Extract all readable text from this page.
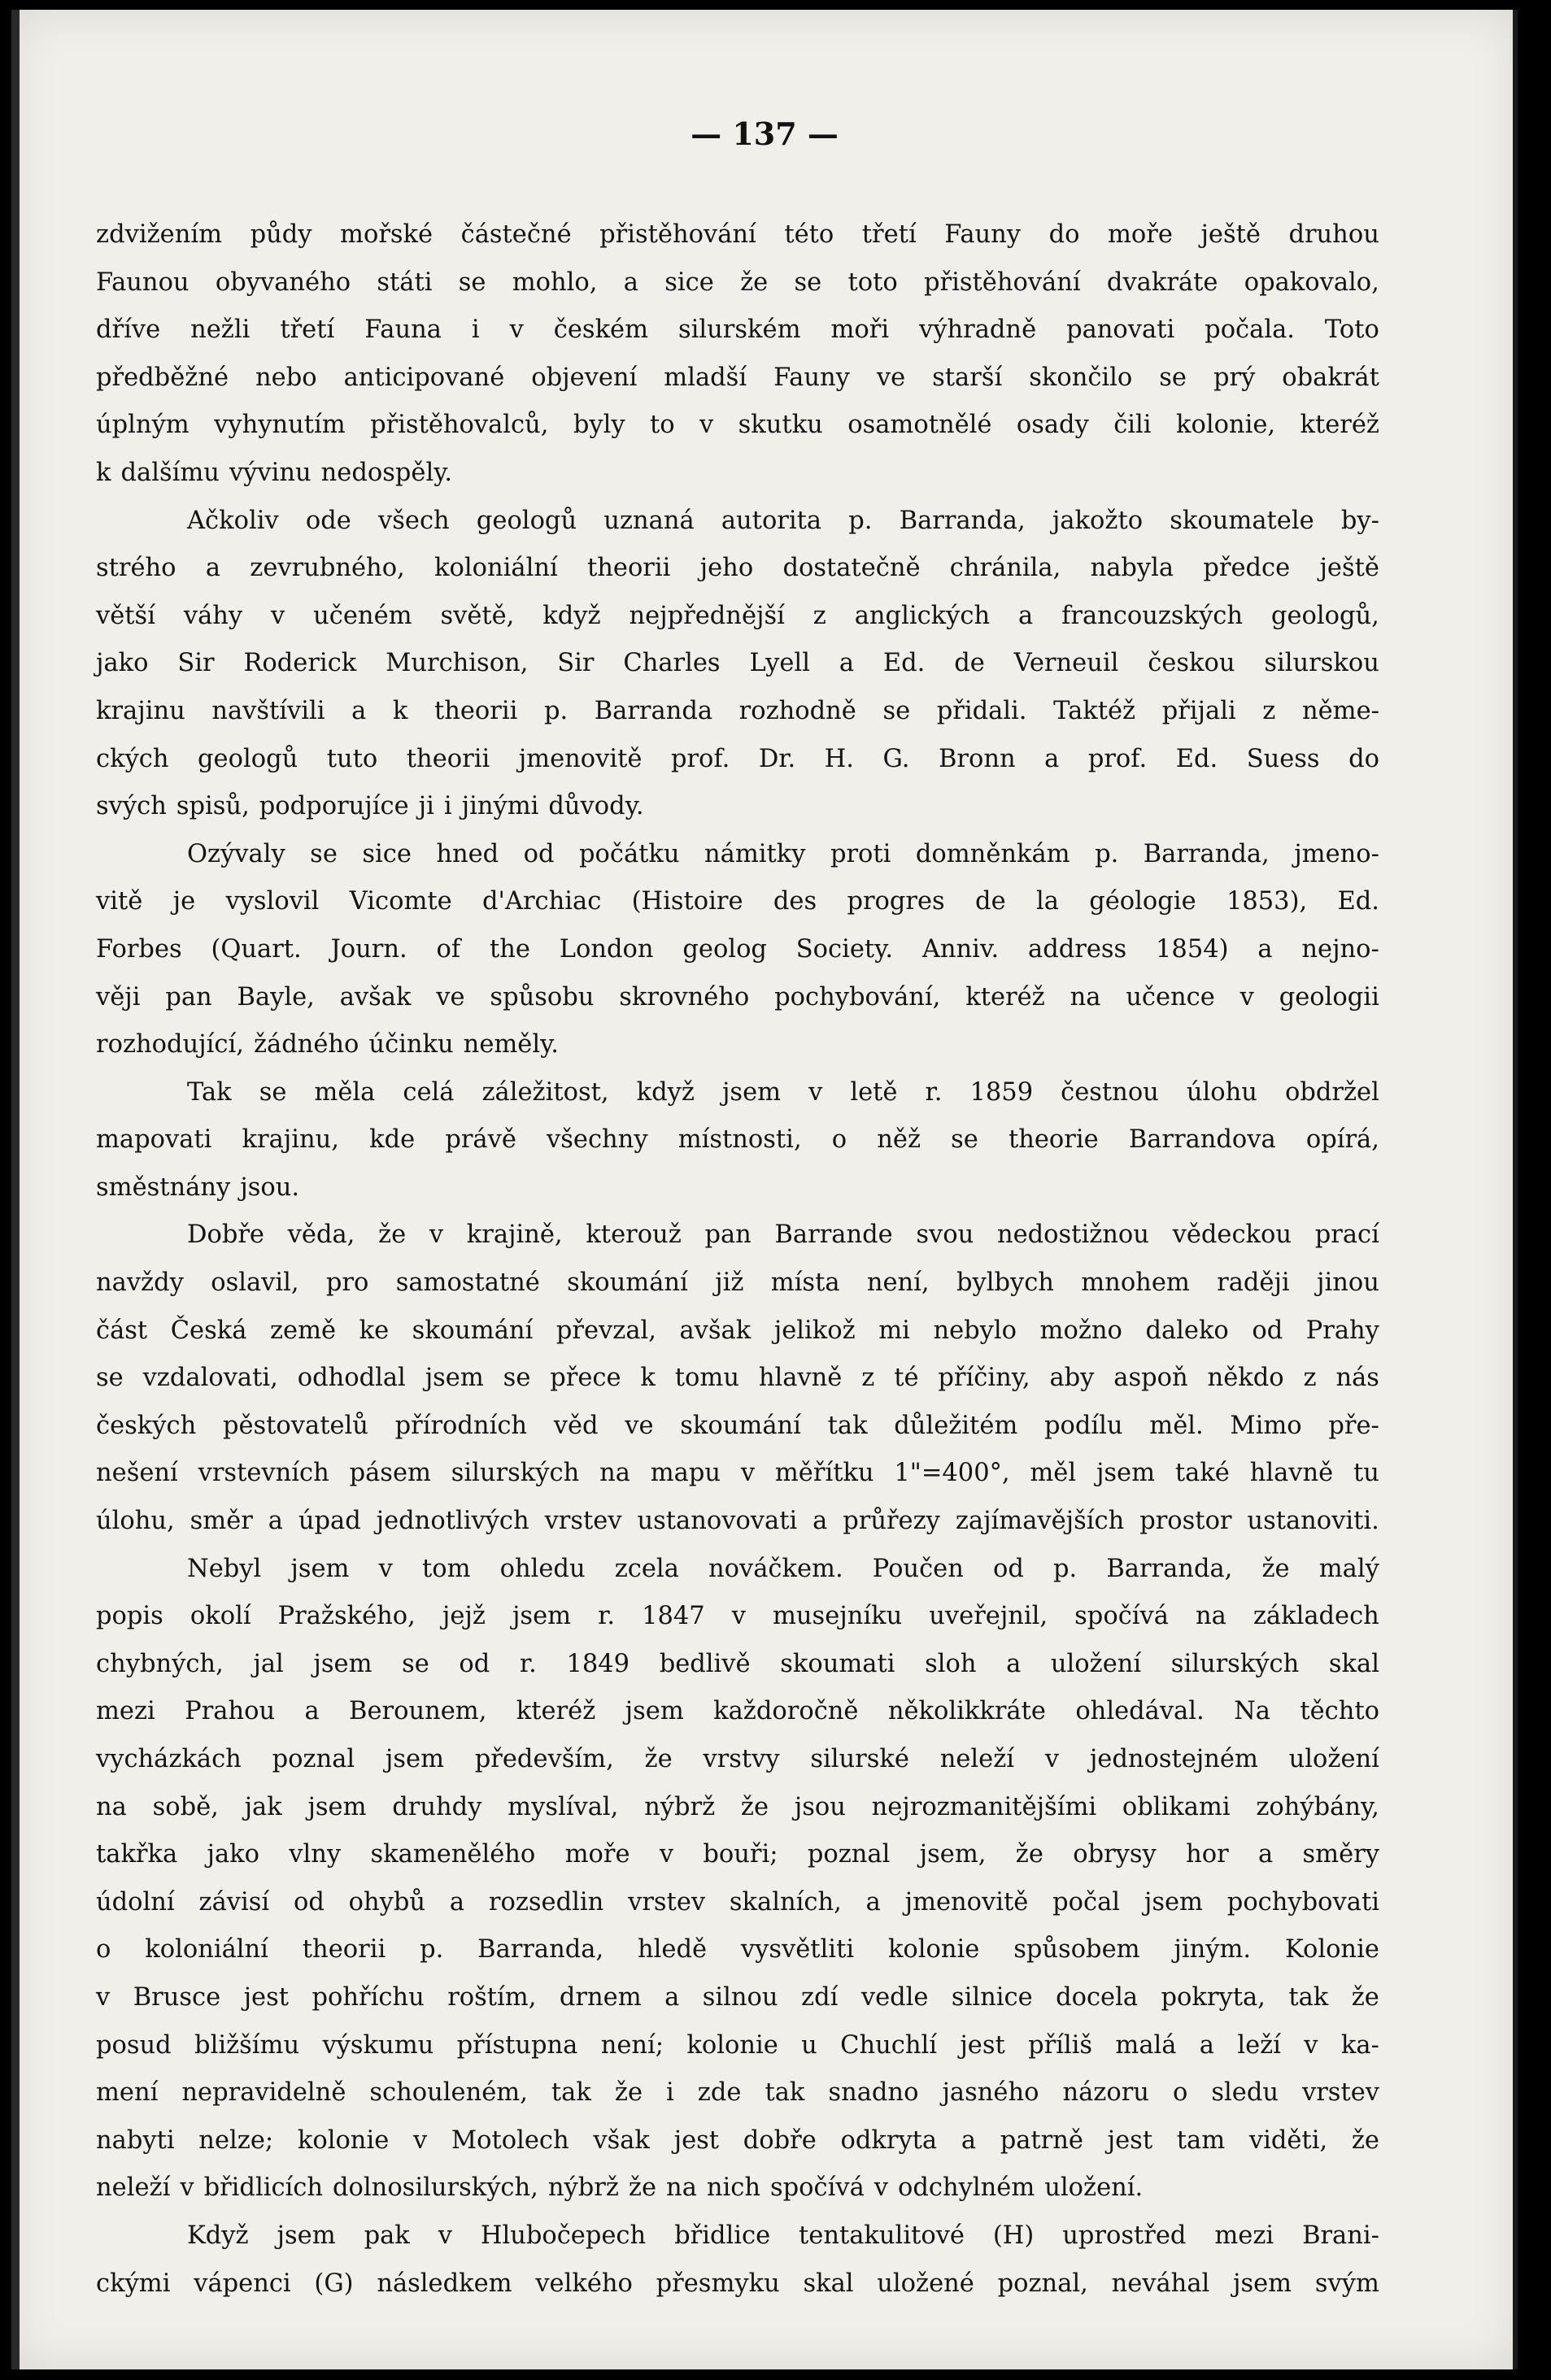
— 137 —
zdvižením půdy mořské částečné přistěhování této třetí Fauny do moře ještě druhou
Faunou obyvaného státi se mohlo, a sice že se toto přistěhování dvakráte opakovalo,
dříve nežli třetí Fauna i v českém silurském moři výhradně panovati počala. Toto
předběžné nebo anticipované objevení mladší Fauny ve starší skončilo se prý obakrát
úplným vyhynutím přistěhovalců, byly to v skutku osamotnělé osady čili kolonie, kteréž
k dalšímu vývinu nedospěly.
Ačkoliv ode všech geologů uznaná autorita p. Barranda, jakožto skoumatele by-
strého a zevrubného, koloniální theorii jeho dostatečně chránila, nabyla předce ještě
větší váhy v učeném světě, když nejpřednější z anglických a francouzských geologů,
jako Sir Roderick Murchison, Sir Charles Lyell a Ed. de Verneuil českou silurskou
krajinu navštívili a k theorii p. Barranda rozhodně se přidali. Taktéž přijali z něme-
ckých geologů tuto theorii jmenovitě prof. Dr. H. G. Bronn a prof. Ed. Suess do
svých spisů, podporujíce ji i jinými důvody.
Ozývaly se sice hned od počátku námitky proti domněnkám p. Barranda, jmeno-
vitě je vyslovil Vicomte d'Archiac (Histoire des progres de la géologie 1853), Ed.
Forbes (Quart. Journ. of the London geolog Society. Anniv. address 1854) a nejno-
věji pan Bayle, avšak ve spůsobu skrovného pochybování, kteréž na učence v geologii
rozhodující, žádného účinku neměly.
Tak se měla celá záležitost, když jsem v letě r. 1859 čestnou úlohu obdržel
mapovati krajinu, kde právě všechny místnosti, o něž se theorie Barrandova opírá,
směstnány jsou.
Dobře věda, že v krajině, kterouž pan Barrande svou nedostižnou vědeckou prací
navždy oslavil, pro samostatné skoumání již místa není, bylbych mnohem raději jinou
část Česká země ke skoumání převzal, avšak jelikož mi nebylo možno daleko od Prahy
se vzdalovati, odhodlal jsem se přece k tomu hlavně z té příčiny, aby aspoň někdo z nás
českých pěstovatelů přírodních věd ve skoumání tak důležitém podílu měl. Mimo pře-
nešení vrstevních pásem silurských na mapu v měřítku 1"=400°, měl jsem také hlavně tu
úlohu, směr a úpad jednotlivých vrstev ustanovovati a průřezy zajímavějších prostor ustanoviti.
Nebyl jsem v tom ohledu zcela nováčkem. Poučen od p. Barranda, že malý
popis okolí Pražského, jejž jsem r. 1847 v musejníku uveřejnil, spočívá na základech
chybných, jal jsem se od r. 1849 bedlivě skoumati sloh a uložení silurských skal
mezi Prahou a Berounem, kteréž jsem každoročně několikkráte ohledával. Na těchto
vycházkách poznal jsem především, že vrstvy silurské neleží v jednostejném uložení
na sobě, jak jsem druhdy myslíval, nýbrž že jsou nejrozmanitějšími oblikami zohýbány,
takřka jako vlny skamenělého moře v bouři; poznal jsem, že obrysy hor a směry
údolní závisí od ohybů a rozsedlin vrstev skalních, a jmenovitě počal jsem pochybovati
o koloniální theorii p. Barranda, hledě vysvětliti kolonie spůsobem jiným. Kolonie
v Brusce jest pohříchu roštím, drnem a silnou zdí vedle silnice docela pokryta, tak že
posud bližšímu výskumu přístupna není; kolonie u Chuchlí jest příliš malá a leží v ka-
mení nepravidelně schouleném, tak že i zde tak snadno jasného názoru o sledu vrstev
nabyti nelze; kolonie v Motolech však jest dobře odkryta a patrně jest tam viděti, že
neleží v břidlicích dolnosilurských, nýbrž že na nich spočívá v odchylném uložení.
Když jsem pak v Hlubočepech břidlice tentakulitové (H) uprostřed mezi Brani-
ckými vápenci (G) následkem velkého přesmyku skal uložené poznal, neváhal jsem svým
